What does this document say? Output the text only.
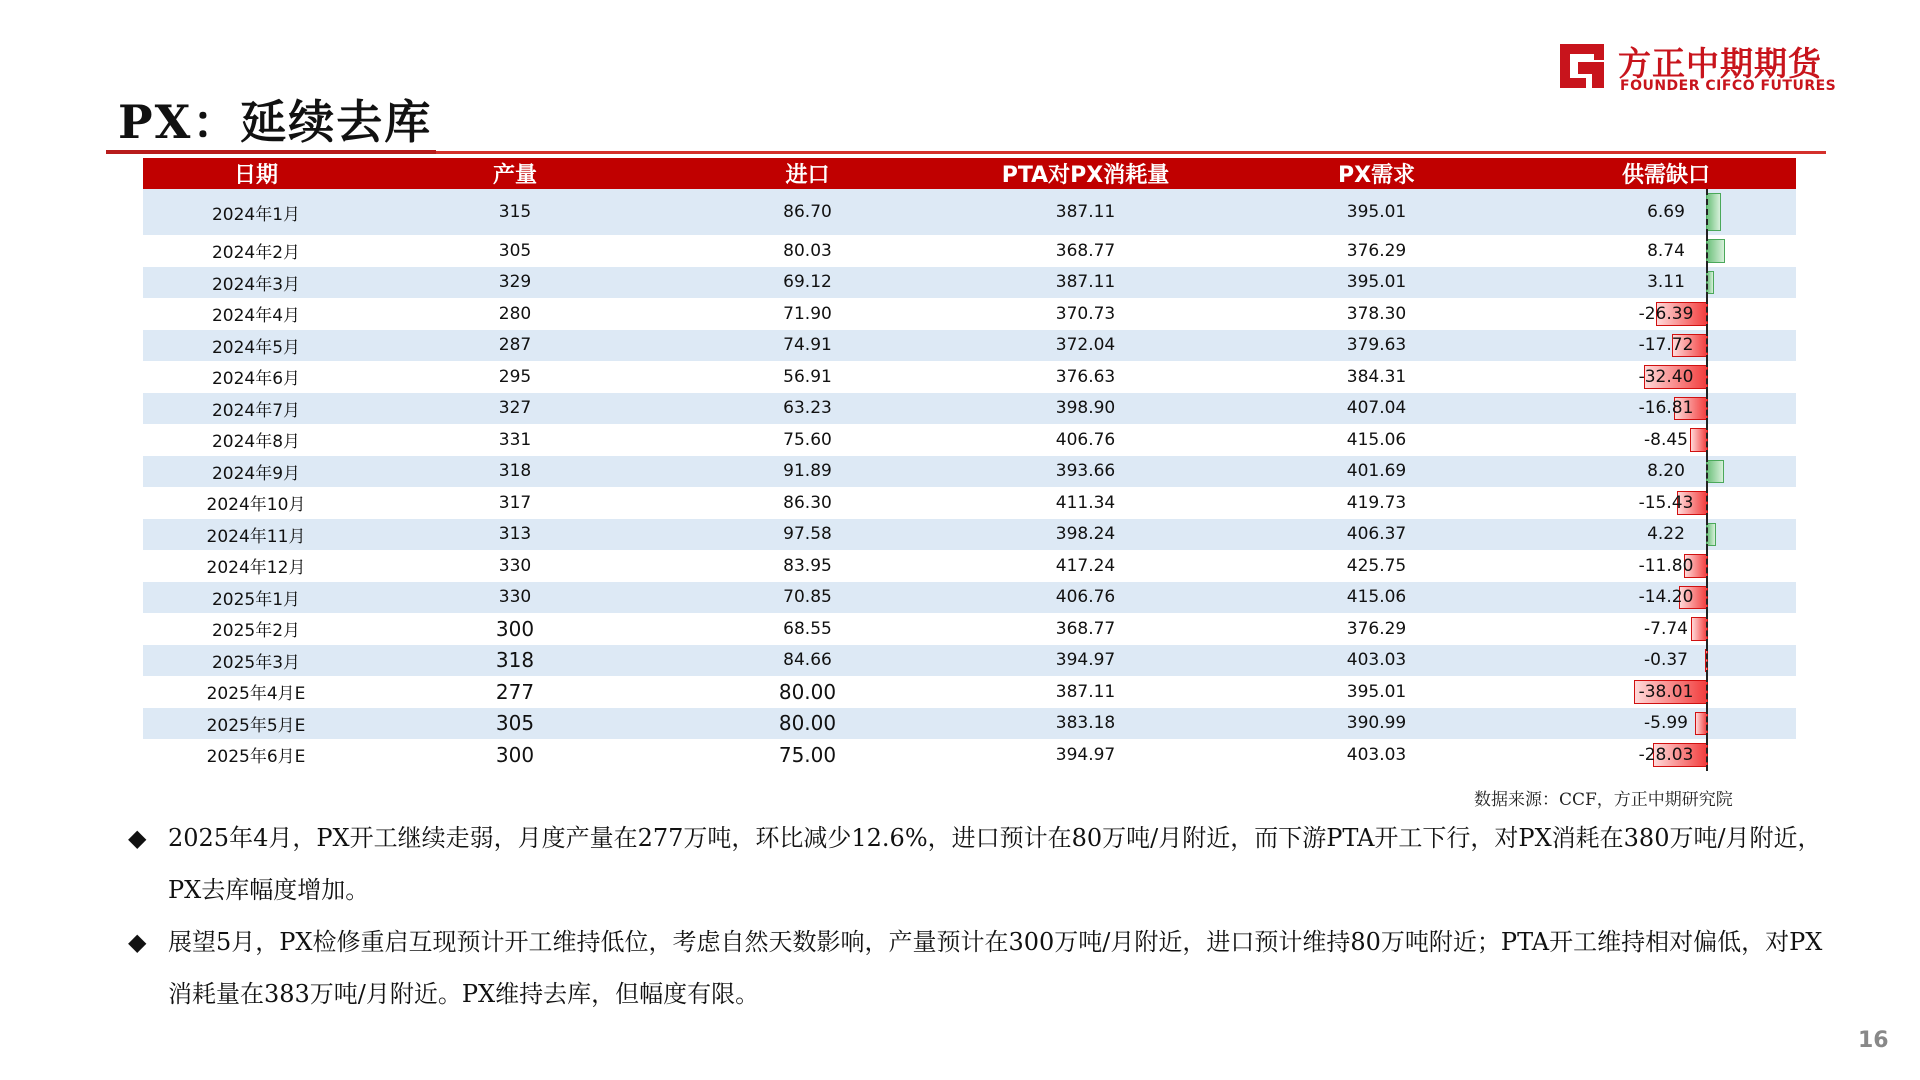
方正中期期货
FOUNDER CIFCO FUTURES
PX：延续去库
日期	产量	进口	PTA对PX消耗量	PX需求	供需缺口
2024年1月	315	86.70	387.11	395.01	6.69
2024年2月	305	80.03	368.77	376.29	8.74
2024年3月	329	69.12	387.11	395.01	3.11
2024年4月	280	71.90	370.73	378.30	-26.39
2024年5月	287	74.91	372.04	379.63	-17.72
2024年6月	295	56.91	376.63	384.31	-32.40
2024年7月	327	63.23	398.90	407.04	-16.81
2024年8月	331	75.60	406.76	415.06	-8.45
2024年9月	318	91.89	393.66	401.69	8.20
2024年10月	317	86.30	411.34	419.73	-15.43
2024年11月	313	97.58	398.24	406.37	4.22
2024年12月	330	83.95	417.24	425.75	-11.80
2025年1月	330	70.85	406.76	415.06	-14.20
2025年2月	300	68.55	368.77	376.29	-7.74
2025年3月	318	84.66	394.97	403.03	-0.37
2025年4月E	277	80.00	387.11	395.01	-38.01
2025年5月E	305	80.00	383.18	390.99	-5.99
2025年6月E	300	75.00	394.97	403.03	-28.03
数据来源：CCF，方正中期研究院
◆ 2025年4月，PX开工继续走弱，月度产量在277万吨，环比减少12.6%，进口预计在80万吨/月附近，而下游PTA开工下行，对PX消耗在380万吨/月附近，PX去库幅度增加。
◆ 展望5月，PX检修重启互现预计开工维持低位，考虑自然天数影响，产量预计在300万吨/月附近，进口预计维持80万吨附近；PTA开工维持相对偏低，对PX消耗量在383万吨/月附近。PX维持去库，但幅度有限。
16
